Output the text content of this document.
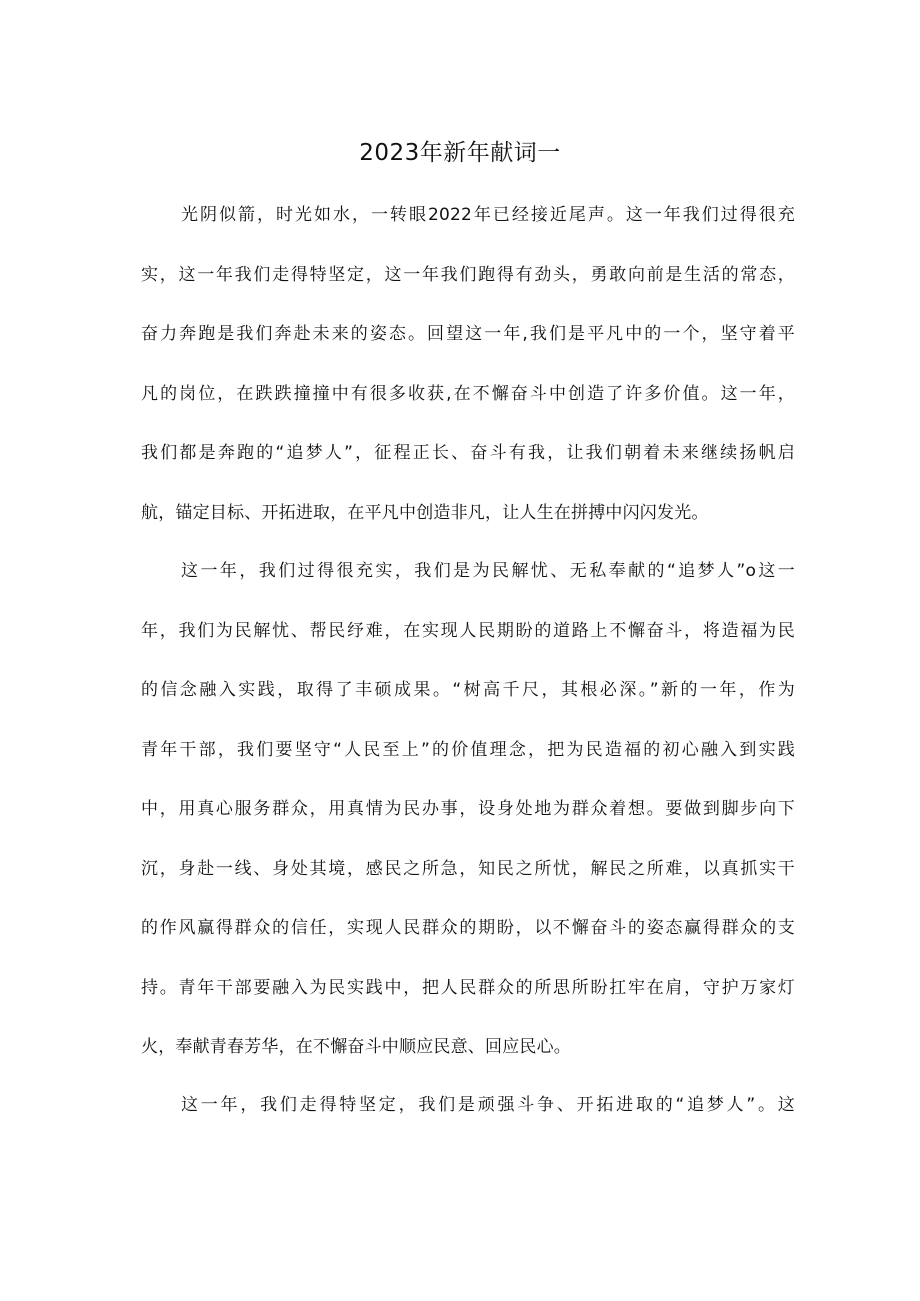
2023年新年献词一
光阴似箭，时光如水，一转眼2022年已经接近尾声。这一年我们过得很充
实，这一年我们走得特坚定，这一年我们跑得有劲头，勇敢向前是生活的常态，
奋力奔跑是我们奔赴未来的姿态。回望这一年,我们是平凡中的一个，坚守着平
凡的岗位，在跌跌撞撞中有很多收获,在不懈奋斗中创造了许多价值。这一年，
我们都是奔跑的“追梦人”，征程正长、奋斗有我，让我们朝着未来继续扬帆启
航，锚定目标、开拓进取，在平凡中创造非凡，让人生在拼搏中闪闪发光。
这一年，我们过得很充实，我们是为民解忧、无私奉献的“追梦人”o这一
年，我们为民解忧、帮民纾难，在实现人民期盼的道路上不懈奋斗，将造福为民
的信念融入实践，取得了丰硕成果。“树高千尺，其根必深。”新的一年，作为
青年干部，我们要坚守“人民至上”的价值理念，把为民造福的初心融入到实践
中，用真心服务群众，用真情为民办事，设身处地为群众着想。要做到脚步向下
沉，身赴一线、身处其境，感民之所急，知民之所忧，解民之所难，以真抓实干
的作风赢得群众的信任，实现人民群众的期盼，以不懈奋斗的姿态赢得群众的支
持。青年干部要融入为民实践中，把人民群众的所思所盼扛牢在肩，守护万家灯
火，奉献青春芳华，在不懈奋斗中顺应民意、回应民心。
这一年，我们走得特坚定，我们是顽强斗争、开拓进取的“追梦人”。这
